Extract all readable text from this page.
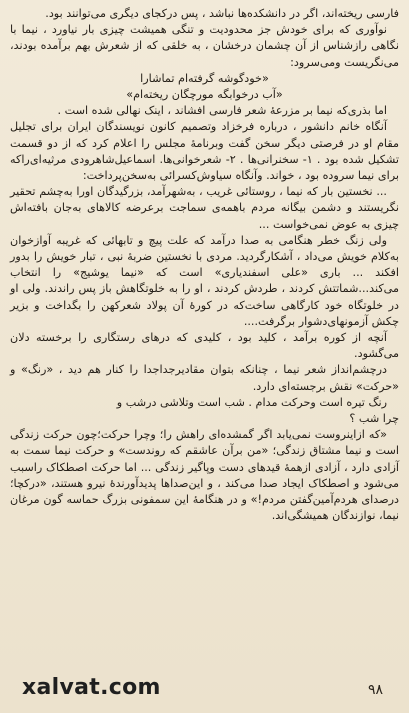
فارسی ریخته‌اند، اگر در دانشکده‌ها نباشد ، پس درکجای دیگری می‌توانند بود.

نوآوری که برای خودش جز محدودیت و تنگی همیشت چیزی بار نیاورد ، نیما با نگاهی رازشناس از آن چشمان درخشان ، به خلقی که از شعرش بهم برآمده بودند، می‌نگریست ومی‌سرود:

«خودگوشه گرفته‌ام تماشارا

«آب درخوابگه مورچگان ریخته‌ام»

اما بذری‌که نیما بر مزرعهٔ شعر فارسی افشاند ، اینک نهالی شده است .

آنگاه خانم دانشور ، درباره فرخزاد وتصمیم کانون نویسندگان ایران برای تجلیل مقام او در فرصتی دیگر سخن گفت وبرنامهٔ مجلس را اعلام کرد که از دو قسمت تشکیل شده بود . ۱- سخنرانی‌ها . ۲- شعرخوانی‌ها. اسماعیل‌شاهرودی مرثیه‌ای‌راکه برای نیما سروده بود ، خواند. وآنگاه سیاوش‌کسرائی به‌سخن‌پرداخت:

... نخستین بار که نیما ، روستائی غریب ، به‌شهرآمد، بزرگیدگان اورا به‌چشم تحقیر نگریستند و دشمن بیگانه مردم باهمه‌ی سماجت برعرضه کالاهای به‌جان بافته‌اش چیزی به عوض نمی‌خواست ...

ولی زنگ خطر هنگامی به صدا درآمد که علت پیچ و تابهائی که غریبه آوازخوان به‌کلام خویش می‌داد ، آشکارگردید. مردی با نخستین ضربهٔ نبی ، تبار خویش را بدور افکند ... باری «علی اسفندیاری» است که «نیما یوشیج» را انتخاب می‌کند...شماتتش کردند ، طردش کردند ، او را به خلوتگاهش باز پس راندند. ولی او در خلوتگاه خود کارگاهی ساخت‌که در کورهٔ آن پولاد شعرکهن را بگداخت و بزیر چکش آزمونهای‌دشوار برگرفت....

آنچه از کوره برآمد ، کلید بود ، کلیدی که درهای رستگاری را برخسته دلان می‌گشود.

درچشم‌انداز شعر نیما ، چنانکه بتوان مقادیرجداجدا را کنار هم دید ، «رنگ» و «حرکت» نقش برجسته‌ای دارد.

رنگ تیره است وحرکت مدام . شب است وتلاشی درشب و

چرا شب ؟

«که ازاینروست نمی‌یابد اگر گمشده‌ای راهش را؛ وچرا حرکت؛چون حرکت زندگی است و نیما مشتاق زندگی؛ «من برآن عاشقم که روندست» و حرکت نیما سمت به آزادی دارد ، آزادی ازهمهٔ قیدهای دست وپاگیر زندگی ... اما حرکت اصطکاک راسبب می‌شود و اصطکاک ایجاد صدا می‌کند ، و این‌صداها پدیدآورندهٔ نیرو هستند، «درکچا؛ درصدای هردم‌آمین‌گفتن مردم!» و در هنگامهٔ این سمفونی بزرگ حماسه گون مرغان نیما، نوازندگان همیشگی‌اند.

xalvat.com	۹۸
